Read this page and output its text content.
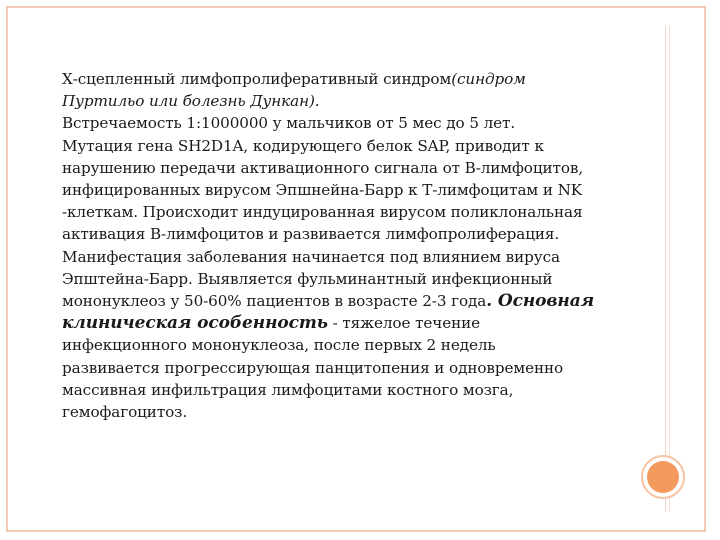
Х-сцепленный лимфопролиферативный синдром(синдром
Пуртильо или болезнь Дункан).
Встречаемость 1:1000000 у мальчиков от 5 мес до 5 лет.
Мутация гена SH2D1A, кодирующего белок SAP, приводит к
нарушению передачи активационного сигнала от В-лимфоцитов,
инфицированных вирусом Эпшнейна-Барр к Т-лимфоцитам и NK
-клеткам. Происходит индуцированная вирусом поликлональная
активация В-лимфоцитов и развивается лимфопролиферация.
Манифестация заболевания начинается под влиянием вируса
Эпштейна-Барр. Выявляется фульминантный инфекционный
мононуклеоз у 50-60% пациентов в возрасте 2-3 года. Основная
клиническая особенность - тяжелое течение
инфекционного мононуклеоза, после первых 2 недель
развивается прогрессирующая панцитопения и одновременно
массивная инфильтрация лимфоцитами костного мозга,
гемофагоцитоз.
